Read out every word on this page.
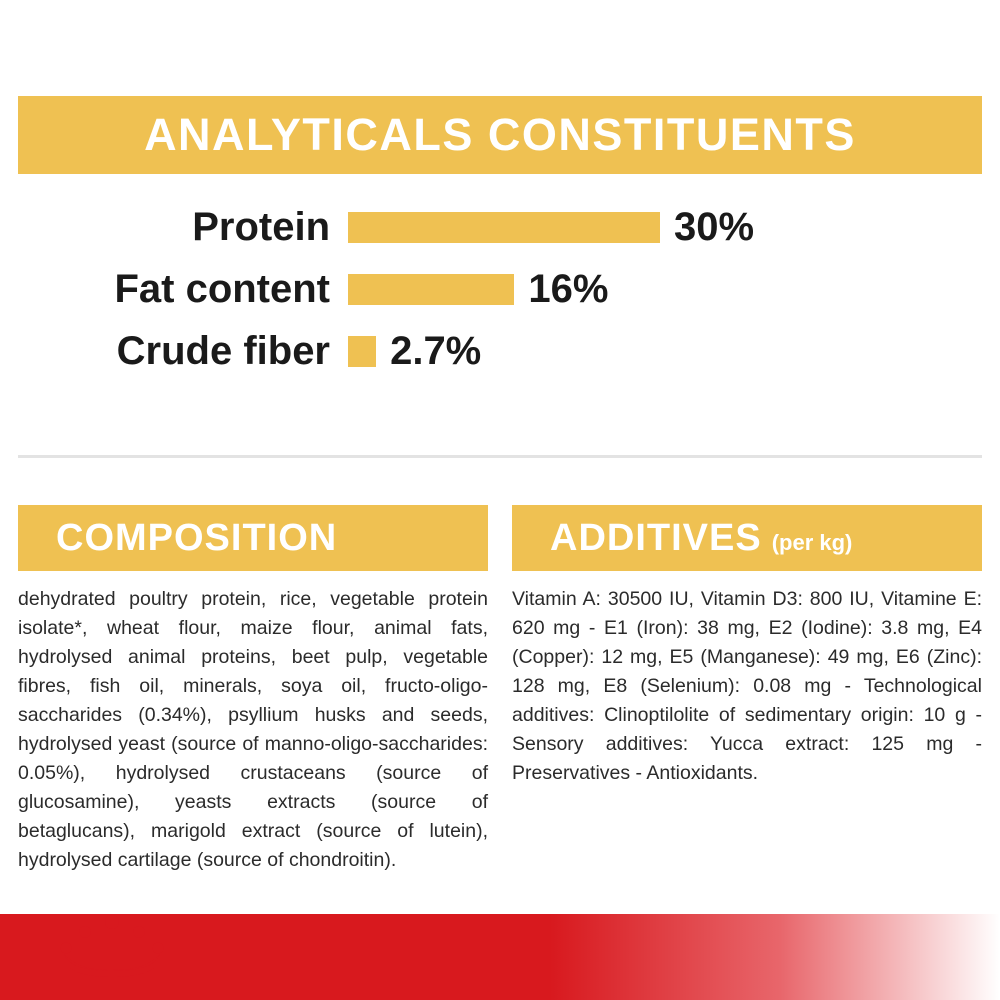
ANALYTICALS CONSTITUENTS
Protein	30%
Fat content	16%
Crude fiber	2.7%
COMPOSITION
dehydrated poultry protein, rice, vegetable protein isolate*, wheat flour, maize flour, animal fats, hydrolysed animal proteins, beet pulp, vegetable fibres, fish oil, minerals, soya oil, fructo-oligo-saccharides (0.34%), psyllium husks and seeds, hydrolysed yeast (source of manno-oligo-saccharides: 0.05%), hydrolysed crustaceans (source of glucosamine), yeasts extracts (source of betaglucans), marigold extract (source of lutein), hydrolysed cartilage (source of chondroitin).
ADDITIVES (per kg)
Vitamin A: 30500 IU, Vitamin D3: 800 IU, Vitamine E: 620 mg - E1 (Iron): 38 mg, E2 (Iodine): 3.8 mg, E4 (Copper): 12 mg, E5 (Manganese): 49 mg, E6 (Zinc): 128 mg, E8 (Selenium): 0.08 mg - Technological additives: Clinoptilolite of sedimentary origin: 10 g - Sensory additives: Yucca extract: 125 mg - Preservatives - Antioxidants.
